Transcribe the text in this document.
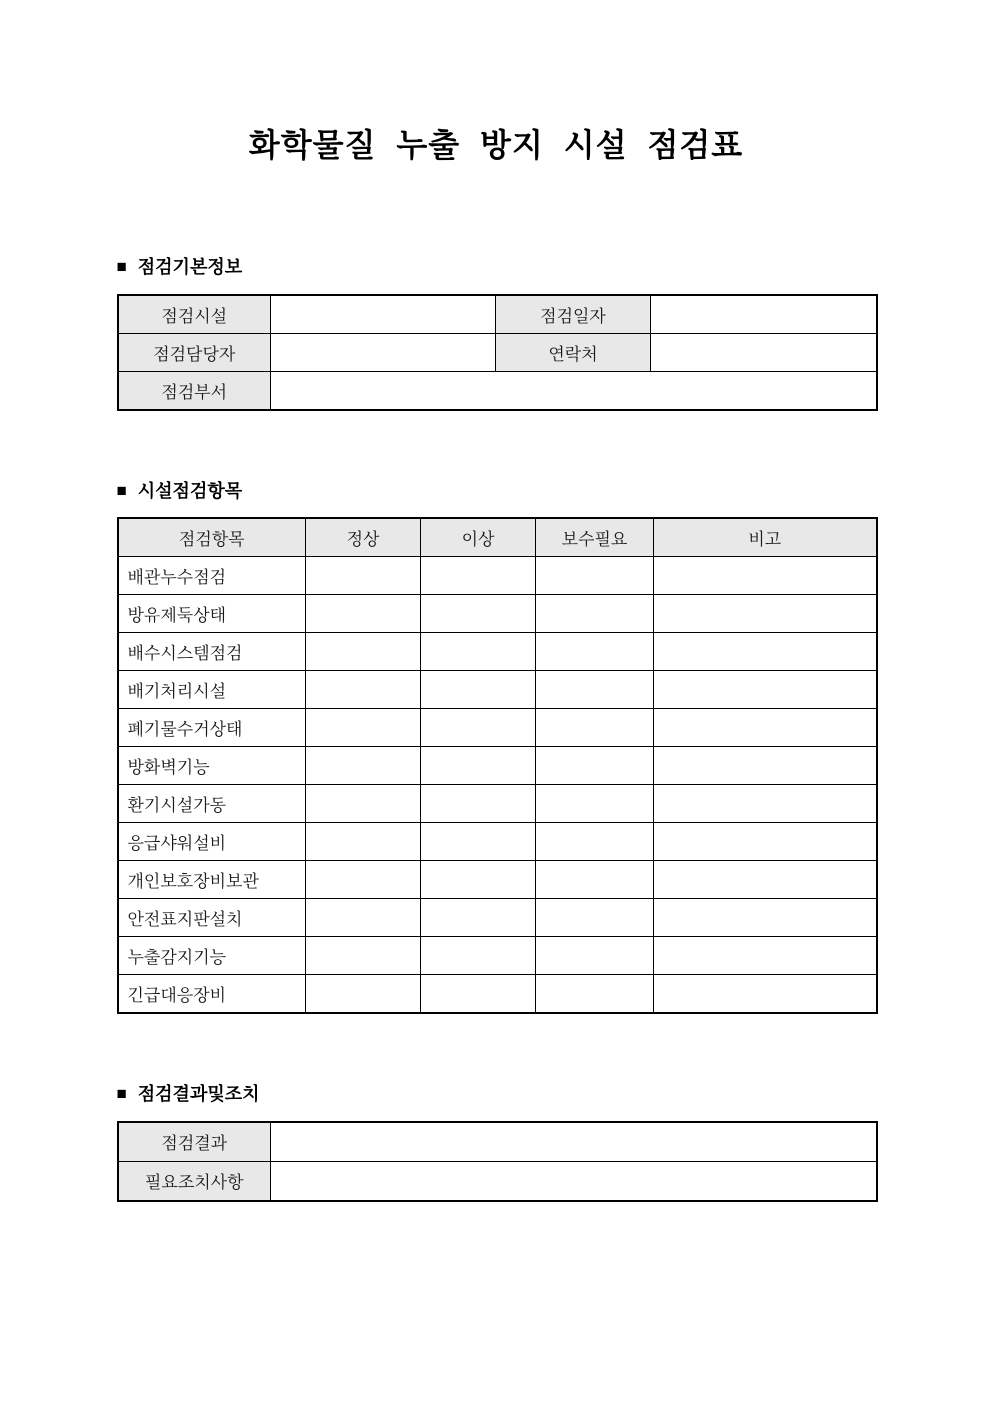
화학물질 누출 방지 시설 점검표
■ 점검기본정보
점검시설		점검일자	
점검담당자		연락처	
점검부서			
■ 시설점검항목
점검항목	정상	이상	보수필요	비고
배관누수점검				
방유제둑상태				
배수시스템점검				
배기처리시설				
폐기물수거상태				
방화벽기능				
환기시설가동				
응급샤워설비				
개인보호장비보관				
안전표지판설치				
누출감지기능				
긴급대응장비				
■ 점검결과및조치
점검결과	
필요조치사항	
